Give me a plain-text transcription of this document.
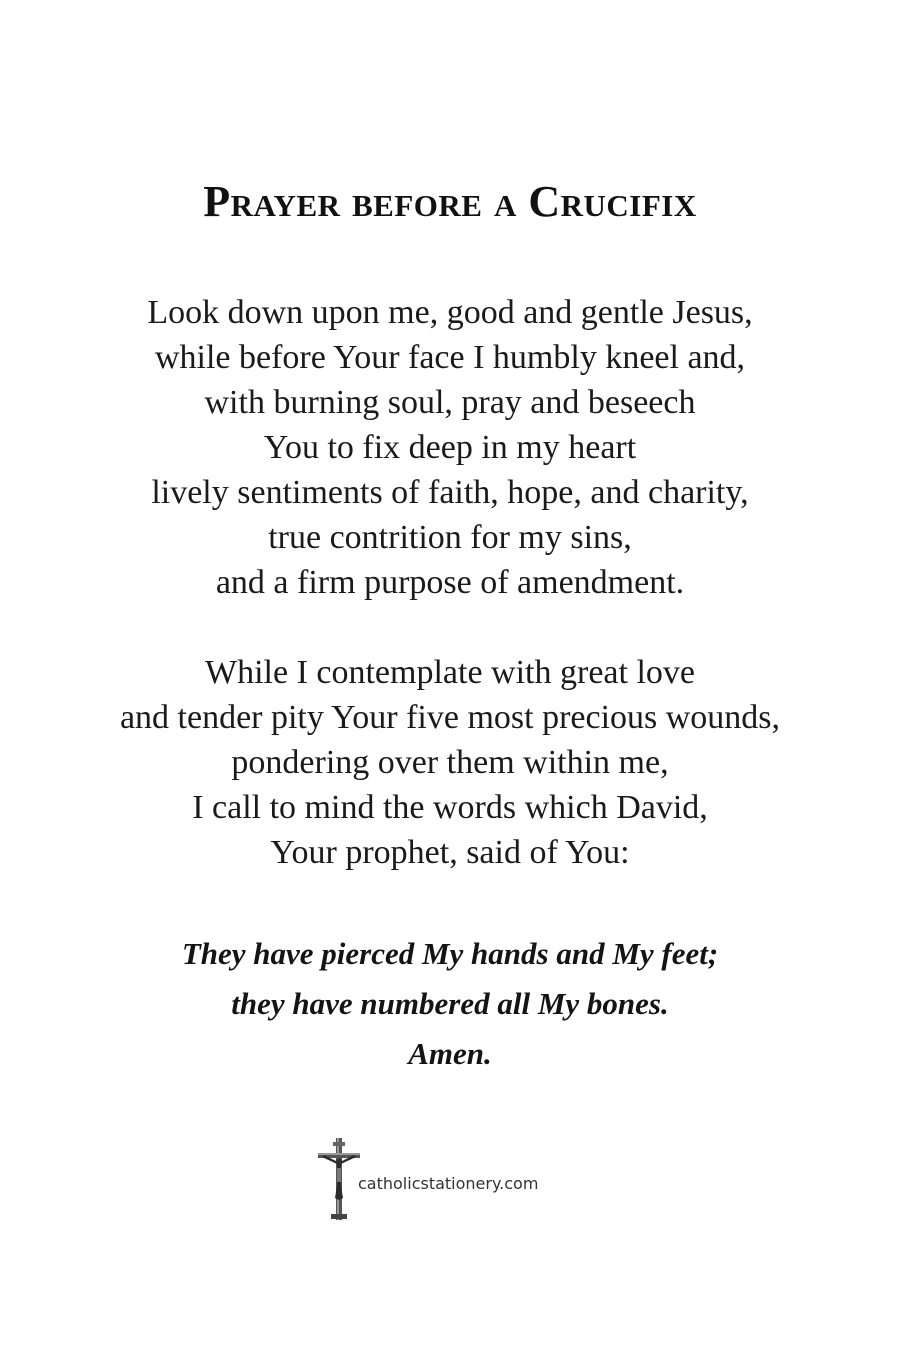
Prayer before a Crucifix
Look down upon me, good and gentle Jesus,
while before Your face I humbly kneel and,
with burning soul, pray and beseech
You to fix deep in my heart
lively sentiments of faith, hope, and charity,
true contrition for my sins,
and a firm purpose of amendment.
While I contemplate with great love
and tender pity Your five most precious wounds,
pondering over them within me,
I call to mind the words which David,
Your prophet, said of You:
They have pierced My hands and My feet;
they have numbered all My bones.
Amen.
catholicstationery.com
